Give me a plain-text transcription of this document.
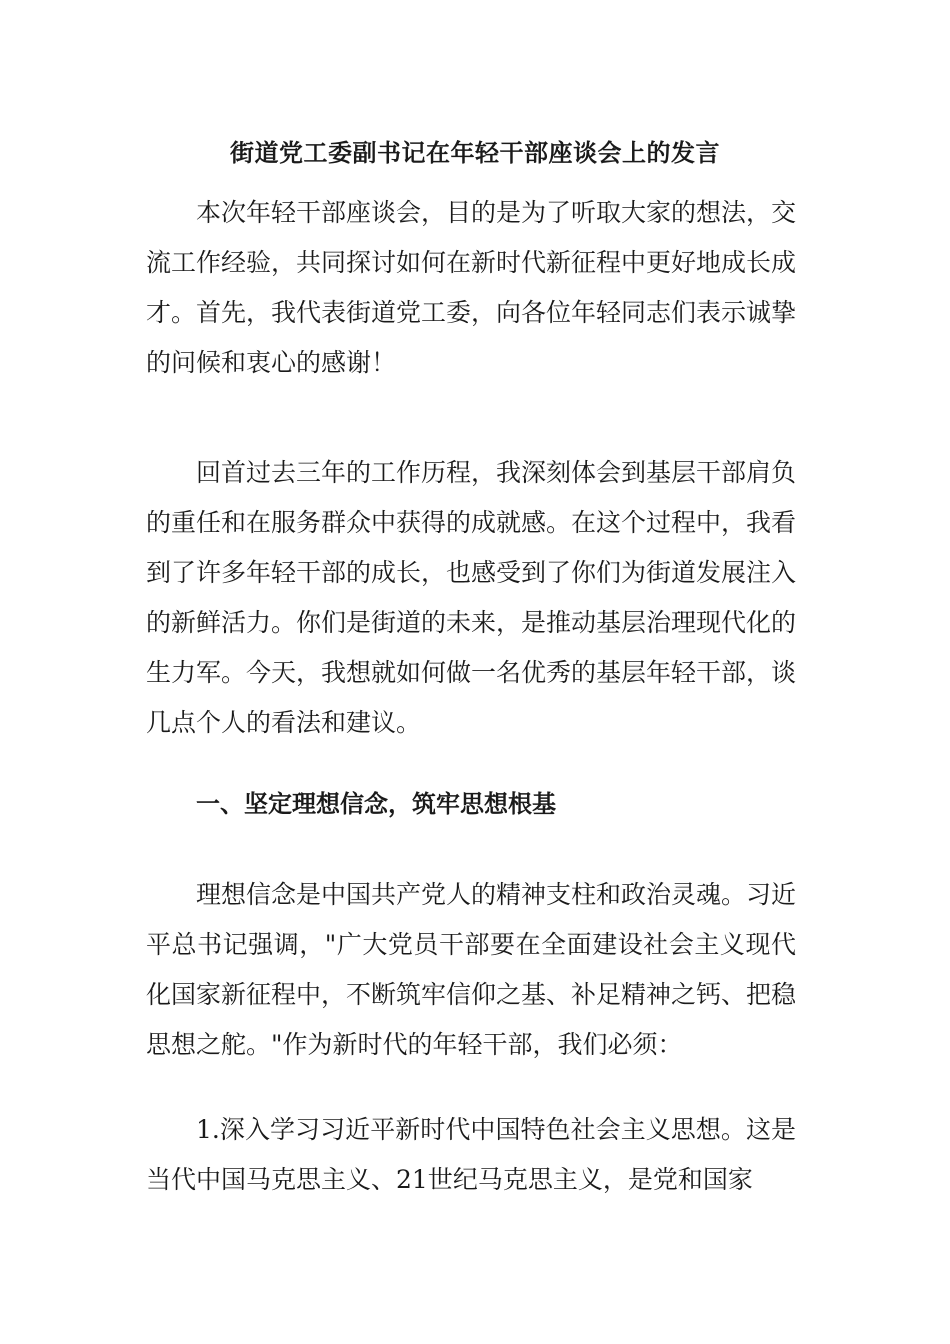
街道党工委副书记在年轻干部座谈会上的发言

本次年轻干部座谈会，目的是为了听取大家的想法，交流工作经验，共同探讨如何在新时代新征程中更好地成长成才。首先，我代表街道党工委，向各位年轻同志们表示诚挚的问候和衷心的感谢！

回首过去三年的工作历程，我深刻体会到基层干部肩负的重任和在服务群众中获得的成就感。在这个过程中，我看到了许多年轻干部的成长，也感受到了你们为街道发展注入的新鲜活力。你们是街道的未来，是推动基层治理现代化的生力军。今天，我想就如何做一名优秀的基层年轻干部，谈几点个人的看法和建议。

一、坚定理想信念，筑牢思想根基

理想信念是中国共产党人的精神支柱和政治灵魂。习近平总书记强调，"广大党员干部要在全面建设社会主义现代化国家新征程中，不断筑牢信仰之基、补足精神之钙、把稳思想之舵。"作为新时代的年轻干部，我们必须：

1.深入学习习近平新时代中国特色社会主义思想。这是当代中国马克思主义、21世纪马克思主义，是党和国家
